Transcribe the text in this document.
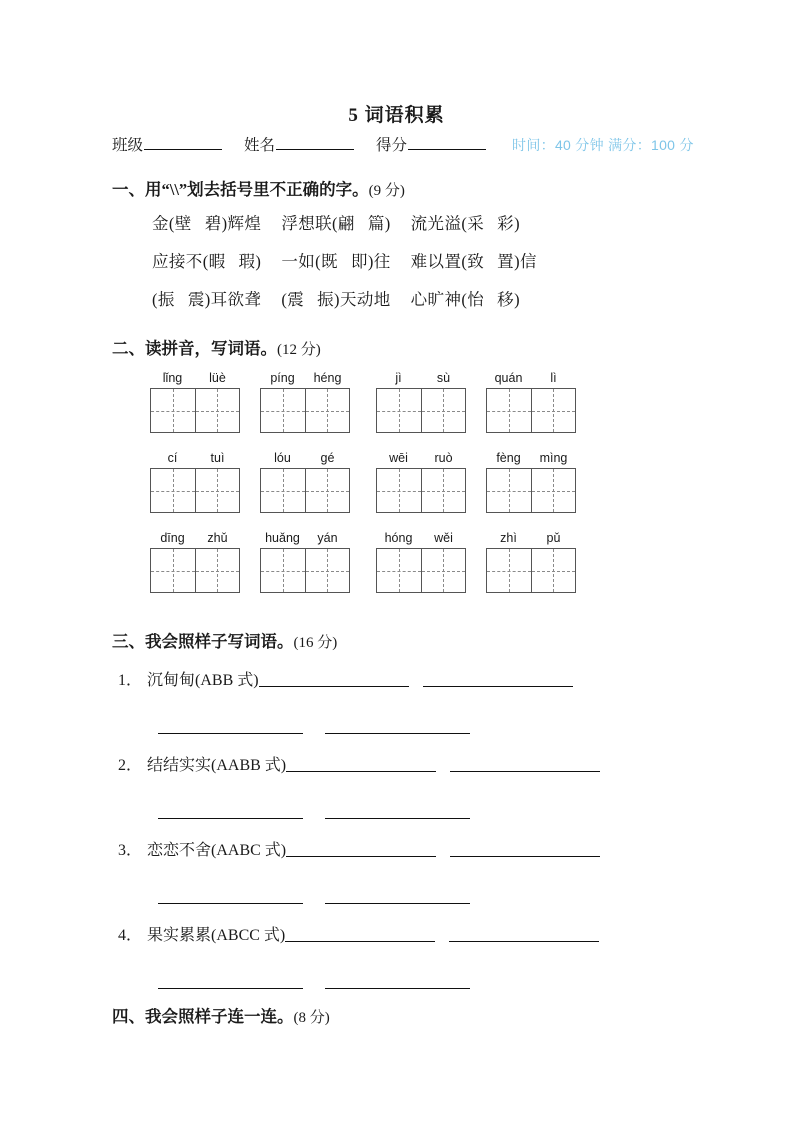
5 词语积累
班级	姓名	得分	时间：40 分钟 满分：100 分
一、用“\\”划去括号里不正确的字。(9 分)
金(壁 碧)辉煌 浮想联(翩 篇) 流光溢(采 彩)
应接不(暇 瑕) 一如(既 即)往 难以置(致 置)信
(振 震)耳欲聋 (震 振)天动地 心旷神(怡 移)
二、读拼音，写词语。(12 分)
lǐng	lüè	píng	héng	jì	sù	quán	lì
cí	tuì	lóu	gé	wēi	ruò	fèng	mìng
dīng	zhǔ	huǎng	yán	hóng	wěi	zhì	pǔ
三、我会照样子写词语。(16 分)
1． 沉甸甸(ABB 式)
2． 结结实实(AABB 式)
3． 恋恋不舍(AABC 式)
4． 果实累累(ABCC 式)
四、我会照样子连一连。(8 分)
